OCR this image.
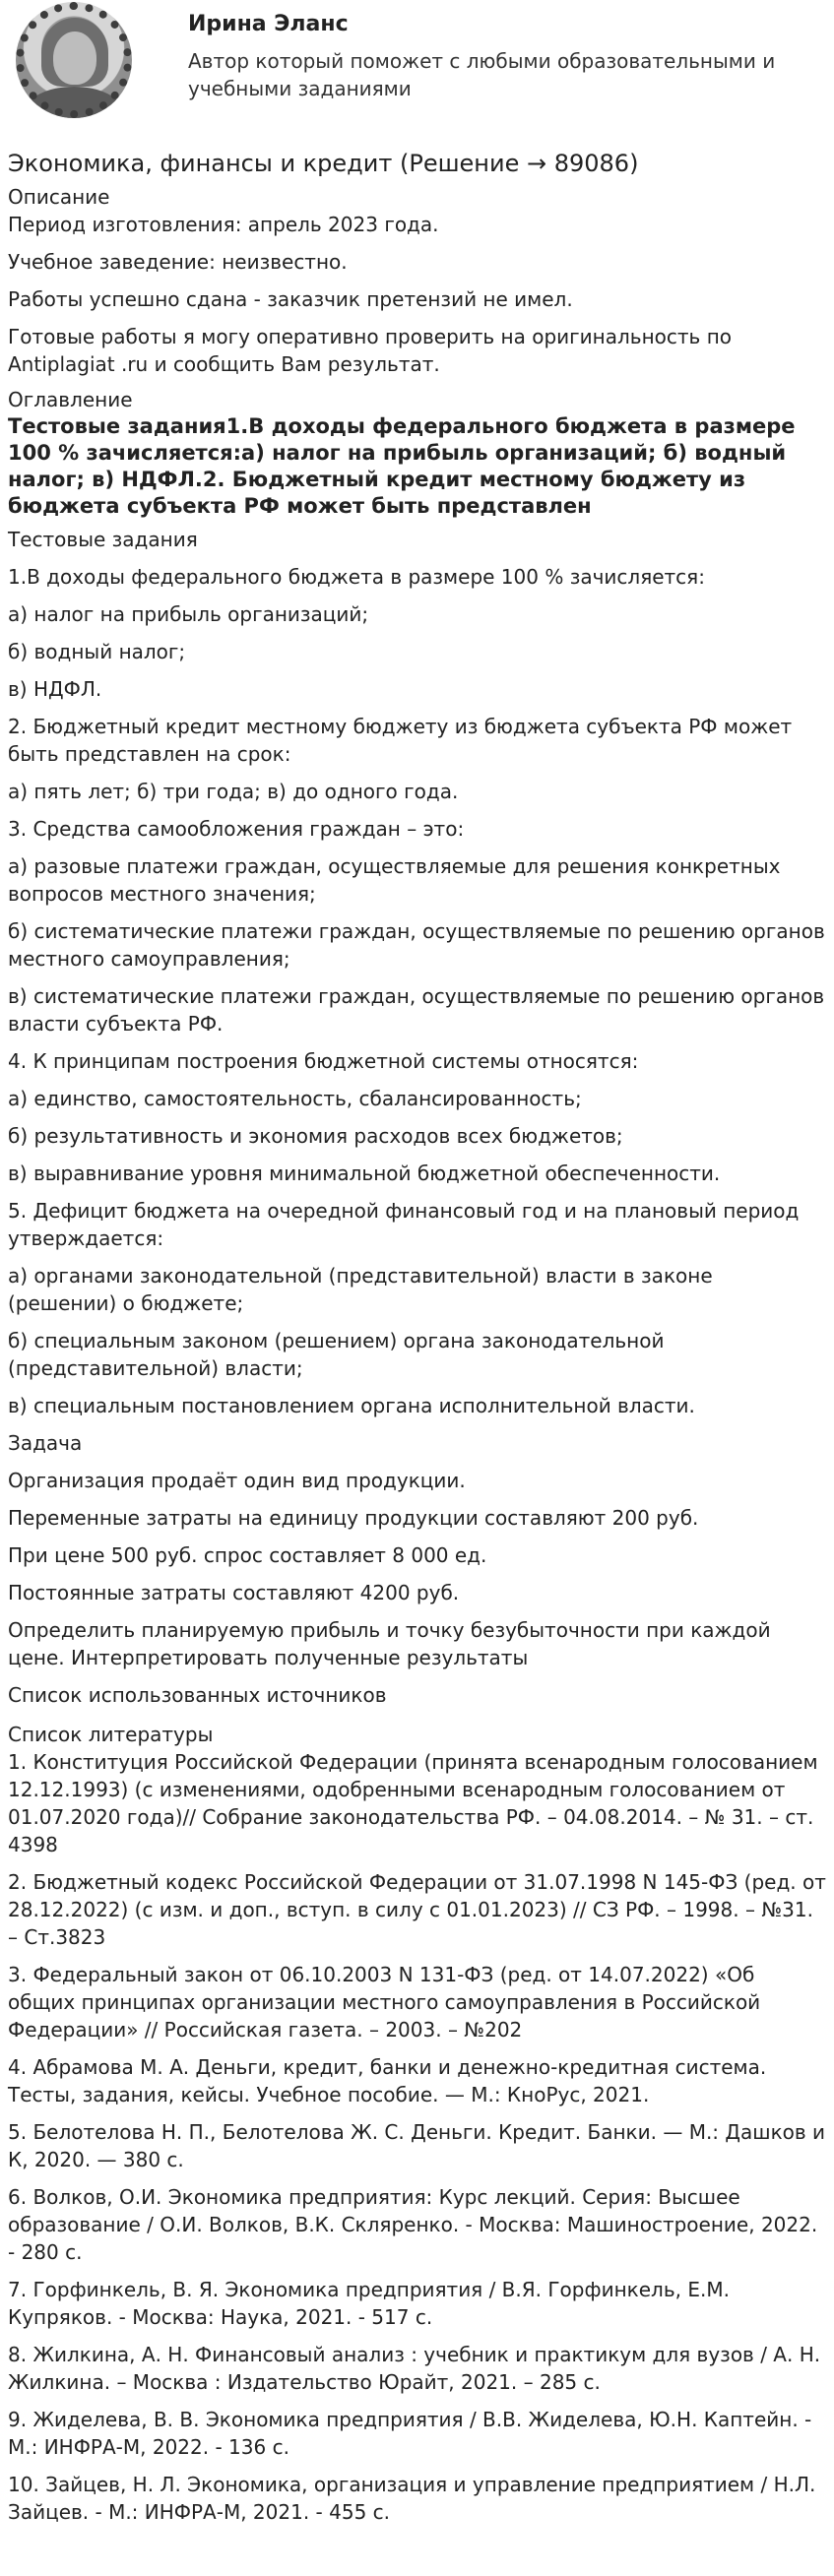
Ирина Эланс
Автор который поможет с любыми образовательными и учебными заданиями
Экономика, финансы и кредит (Решение → 89086)
Описание

Период изготовления: апрель 2023 года.

Учебное заведение: неизвестно.

Работы успешно сдана - заказчик претензий не имел.

Готовые работы я могу оперативно проверить на оригинальность по Antiplagiat .ru и сообщить Вам результат.

Оглавление
Тестовые задания1.В доходы федерального бюджета в размере 100 % зачисляется:а) налог на прибыль организаций; б) водный налог; в) НДФЛ.2. Бюджетный кредит местному бюджету из бюджета субъекта РФ может быть представлен

Тестовые задания

1.В доходы федерального бюджета в размере 100 % зачисляется:

а) налог на прибыль организаций;

б) водный налог;

в) НДФЛ.

2. Бюджетный кредит местному бюджету из бюджета субъекта РФ может быть представлен на срок:

а) пять лет; б) три года; в) до одного года.

3. Средства самообложения граждан – это:

а) разовые платежи граждан, осуществляемые для решения конкретных вопросов местного значения;

б) систематические платежи граждан, осуществляемые по решению органов местного самоуправления;

в) систематические платежи граждан, осуществляемые по решению органов власти субъекта РФ.

4. К принципам построения бюджетной системы относятся:

а) единство, самостоятельность, сбалансированность;

б) результативность и экономия расходов всех бюджетов;

в) выравнивание уровня минимальной бюджетной обеспеченности.

5. Дефицит бюджета на очередной финансовый год и на плановый период утверждается:

а) органами законодательной (представительной) власти в законе (решении) о бюджете;

б) специальным законом (решением) органа законодательной (представительной) власти;

в) специальным постановлением органа исполнительной власти.

Задача

Организация продаёт один вид продукции.

Переменные затраты на единицу продукции составляют 200 руб.

При цене 500 руб. спрос составляет 8 000 ед.

Постоянные затраты составляют 4200 руб.

Определить планируемую прибыль и точку безубыточности при каждой цене. Интерпретировать полученные результаты

Список использованных источников

Список литературы

1. Конституция Российской Федерации (принята всенародным голосованием 12.12.1993) (с изменениями, одобренными всенародным голосованием от 01.07.2020 года)// Собрание законодательства РФ. – 04.08.2014. – № 31. – ст. 4398

2. Бюджетный кодекс Российской Федерации от 31.07.1998 N 145-ФЗ (ред. от 28.12.2022) (с изм. и доп., вступ. в силу с 01.01.2023) // СЗ РФ. – 1998. – №31. – Ст.3823

3. Федеральный закон от 06.10.2003 N 131-ФЗ (ред. от 14.07.2022) «Об общих принципах организации местного самоуправления в Российской Федерации» // Российская газета. – 2003. – №202

4. Абрамова М. А. Деньги, кредит, банки и денежно-кредитная система. Тесты, задания, кейсы. Учебное пособие. — М.: КноРус, 2021.

5. Белотелова Н. П., Белотелова Ж. С. Деньги. Кредит. Банки. — М.: Дашков и К, 2020. — 380 с.

6. Волков, О.И. Экономика предприятия: Курс лекций. Серия: Высшее образование / О.И. Волков, В.К. Скляренко. - Москва: Машиностроение, 2022. - 280 с.

7. Горфинкель, В. Я. Экономика предприятия / В.Я. Горфинкель, Е.М. Купряков. - Москва: Наука, 2021. - 517 с.

8. Жилкина, А. Н. Финансовый анализ : учебник и практикум для вузов / А. Н. Жилкина. – Москва : Издательство Юрайт, 2021. – 285 с.

9. Жиделева, В. В. Экономика предприятия / В.В. Жиделева, Ю.Н. Каптейн. - М.: ИНФРА-М, 2022. - 136 с.

10. Зайцев, Н. Л. Экономика, организация и управление предприятием / Н.Л. Зайцев. - М.: ИНФРА-М, 2021. - 455 с.
